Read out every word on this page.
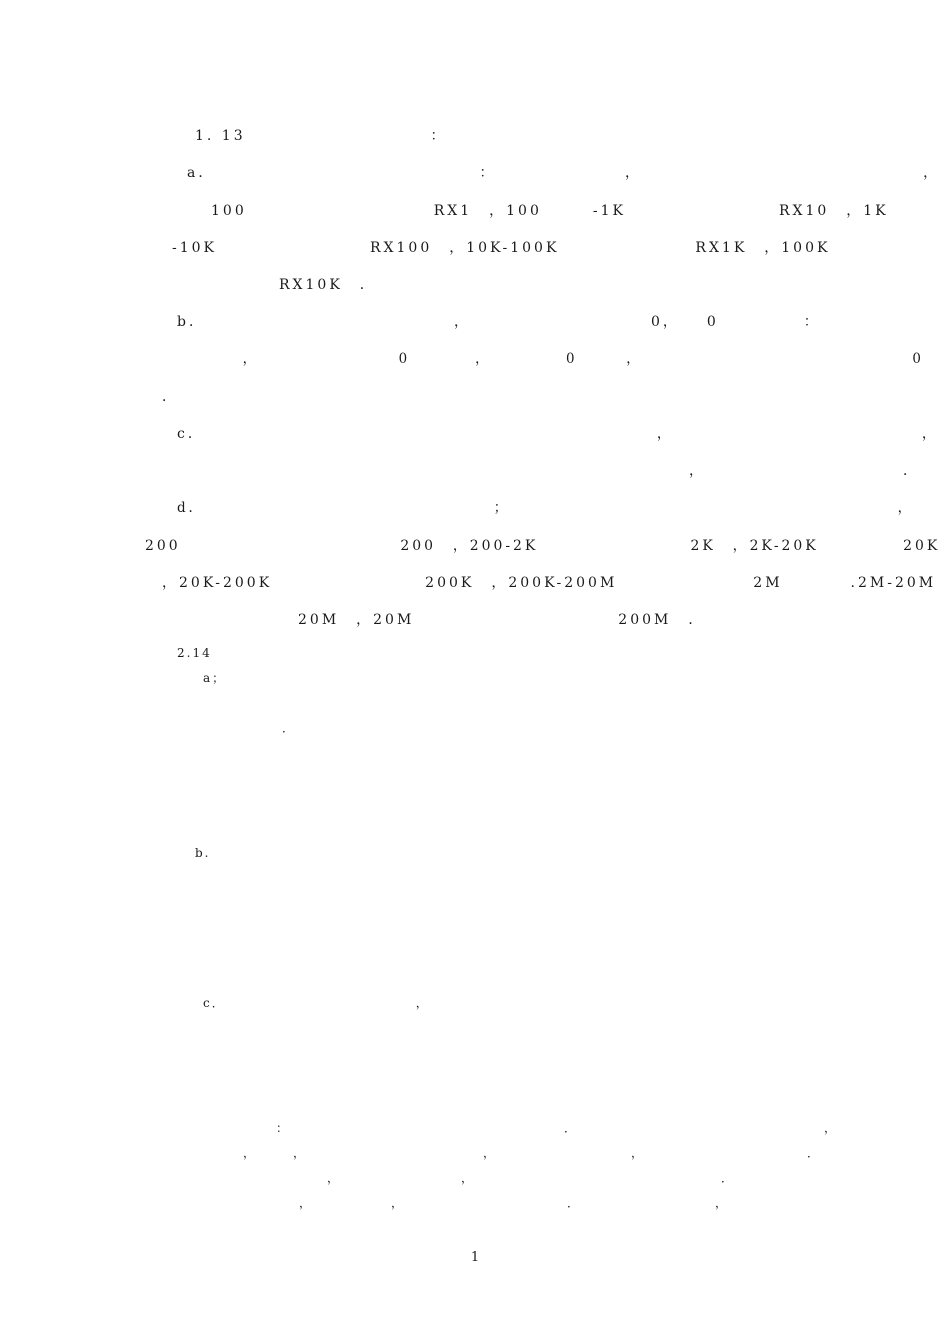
1. 13  　　　　　　　　　　：
a．　　　　　　　　　　　　　　　　：　　　　　　　　，　　　　　　　　　　　　　　　　　，
　　　100　　　　　　　　　　　RX1　，100　　　-1K　　　　　　　　　RX10　，1K　　
-10K　　　　　　　　　RX100　，10K-100K　　　　　　　　RX1K　，100K　　　　　
　　　　　　　RX10K　．
b．　　　　　　　　　　　　　　　，　　　　　　　　　　　0，　　0　　　　　：　　　　　　　
　　　　　　，　　　　　　　　　0　　　　，　　　　　0　　　，　　　　　　　　　　　　　　　　　0　
　．
c．　　　　　　　　　　　　　　　　　　　　　　　　　　　，　　　　　　　　　　　　　　　，
　　　　　　　　　　　　　　　　　　　　　　　　　　　　　　　　，　　　　　　　　　　　　．
d．　　　　　　　　　　　　　　　　　　；　　　　　　　　　　　　　　　　　　　　　　　　，　　
200　　　　　　　　　　　　　200　，200-2K　　　　　　　　　2K　，2K-20K　　　　　20K
　，20K-200K　　　　　　　　　200K　，200K-200M　　　　　　　　2M　　　　.2M-20M
　　　　　　　　　20M　，20M　　　　　　　　　　　　200M　．
2.14 　　　　　　　　
a；　　　　　　　

　　　　　　　　．　　　　　　　　　　　　　　　　　　　　　　　　　　　　

b.　　　　　　

c．　　　　　　　　　　　　　　，　　　　　　　　　　　　　　　　　　　　　　　

　　　　　　　　　：　　　　　　　　　　　　　　　　　　　　．　　　　　　　　　　　　　　　　　　，　
　　　　　　　，　　　，　　　　　　　　　　　　　，　　　　　　　　　　，　　　　　　　　　　　　．　　
　　　　　　　　　　　　　，　　　　　　　　　，　　　　　　　　　　　　　　　　　　．　　　　　
　　　　　　　　　　　，　　　　　　，　　　　　　　　　　　　．　　　　　　　　　　，　　　　　
1
